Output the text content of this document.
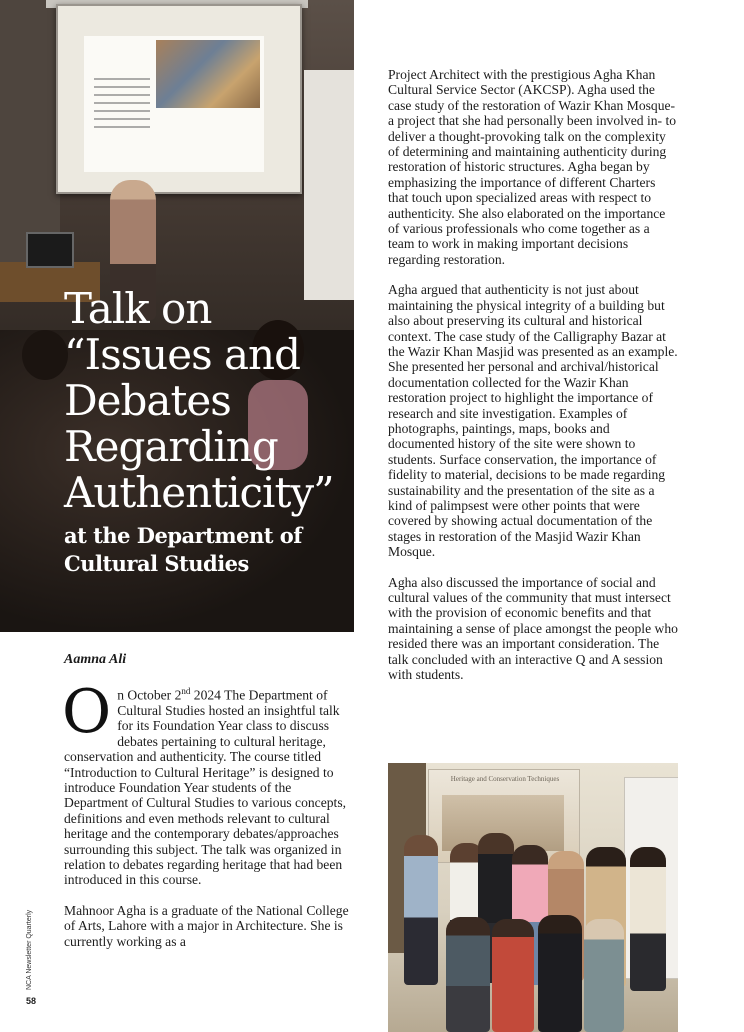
Talk on “Issues and Debates Regarding Authenticity”
at the Department of Cultural Studies

Project Architect with the prestigious Agha Khan Cultural Service Sector (AKCSP). Agha used the case study of the restoration of Wazir Khan Mosque-a project that she had personally been involved in- to deliver a thought-provoking talk on the complexity of determining and maintaining authenticity during restoration of historic structures. Agha began by emphasizing the importance of different Charters that touch upon specialized areas with respect to authenticity. She also elaborated on the importance of various professionals who come together as a team to work in making important decisions regarding restoration.

Agha argued that authenticity is not just about maintaining the physical integrity of a building but also about preserving its cultural and historical context. The case study of the Calligraphy Bazar at the Wazir Khan Masjid was presented as an example. She presented her personal and archival/historical documentation collected for the Wazir Khan restoration project to highlight the importance of research and site investigation. Examples of photographs, paintings, maps, books and documented history of the site were shown to students. Surface conservation, the importance of fidelity to material, decisions to be made regarding sustainability and the presentation of the site as a kind of palimpsest were other points that were covered by showing actual documentation of the stages in restoration of the Masjid Wazir Khan Mosque.

Agha also discussed the importance of social and cultural values of the community that must intersect with the provision of economic benefits and that maintaining a sense of place amongst the people who resided there was an important consideration. The talk concluded with an interactive Q and A session with students.

Aamna Ali

On October 2nd 2024 The Department of Cultural Studies hosted an insightful talk for its Foundation Year class to discuss debates pertaining to cultural heritage, conservation and authenticity. The course titled “Introduction to Cultural Heritage” is designed to introduce Foundation Year students of the Department of Cultural Studies to various concepts, definitions and even methods relevant to cultural heritage and the contemporary debates/approaches surrounding this subject. The talk was organized in relation to debates regarding heritage that had been introduced in this course.

Mahnoor Agha is a graduate of the National College of Arts, Lahore with a major in Architecture. She is currently working as a

Heritage and Conservation Techniques
NCA Newsletter Quarterly
58
